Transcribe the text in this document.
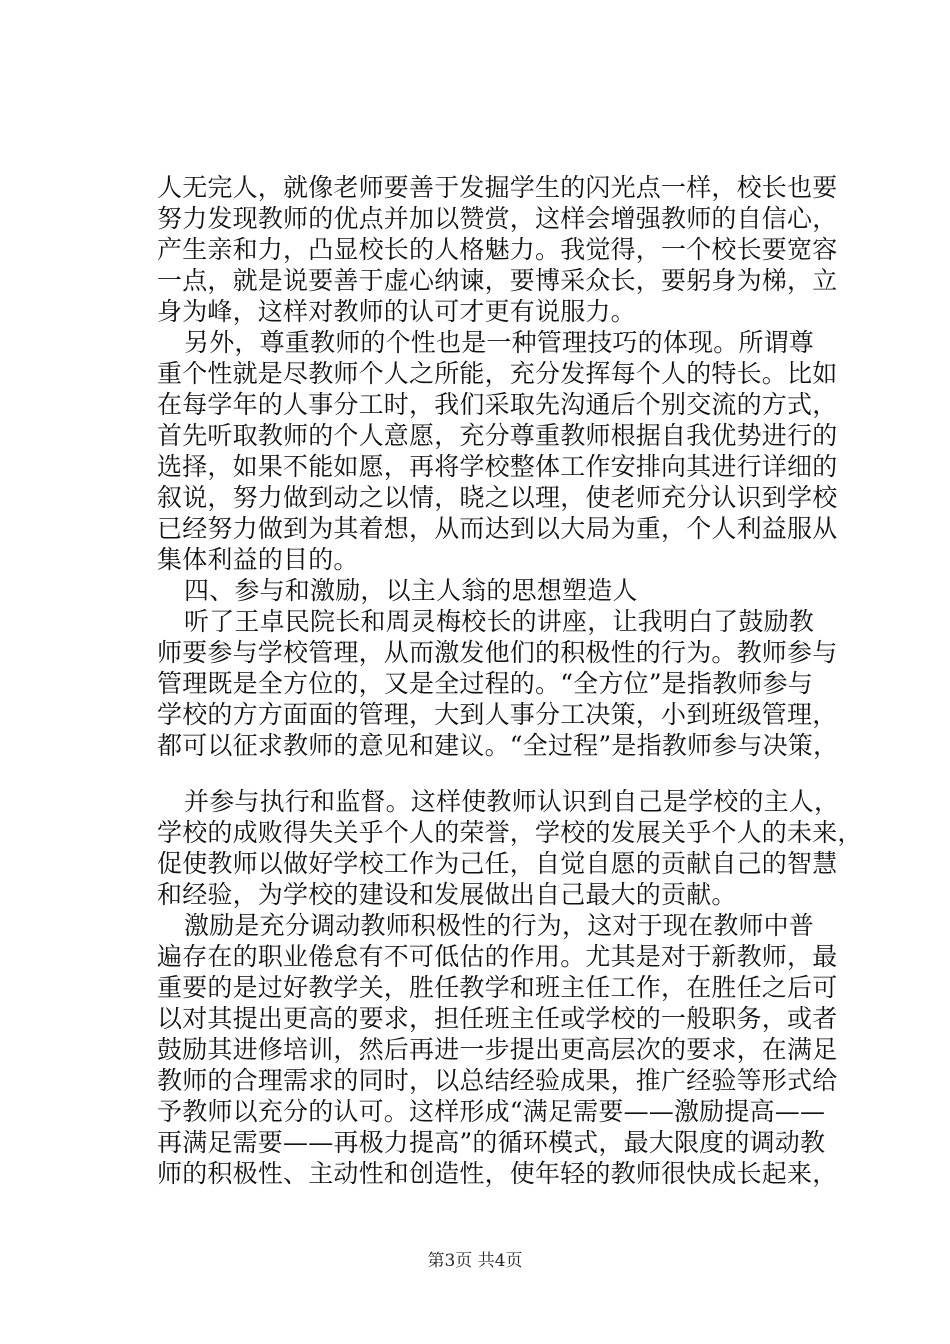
人无完人，就像老师要善于发掘学生的闪光点一样，校长也要
努力发现教师的优点并加以赞赏，这样会增强教师的自信心，
产生亲和力，凸显校长的人格魅力。我觉得，一个校长要宽容
一点，就是说要善于虚心纳谏，要博采众长，要躬身为梯，立
身为峰，这样对教师的认可才更有说服力。
另外，尊重教师的个性也是一种管理技巧的体现。所谓尊
重个性就是尽教师个人之所能，充分发挥每个人的特长。比如
在每学年的人事分工时，我们采取先沟通后个别交流的方式，
首先听取教师的个人意愿，充分尊重教师根据自我优势进行的
选择，如果不能如愿，再将学校整体工作安排向其进行详细的
叙说，努力做到动之以情，晓之以理，使老师充分认识到学校
已经努力做到为其着想，从而达到以大局为重，个人利益服从
集体利益的目的。
四、参与和激励，以主人翁的思想塑造人
听了王卓民院长和周灵梅校长的讲座，让我明白了鼓励教
师要参与学校管理，从而激发他们的积极性的行为。教师参与
管理既是全方位的，又是全过程的。“全方位”是指教师参与
学校的方方面面的管理，大到人事分工决策，小到班级管理，
都可以征求教师的意见和建议。“全过程”是指教师参与决策，
并参与执行和监督。这样使教师认识到自己是学校的主人，
学校的成败得失关乎个人的荣誉，学校的发展关乎个人的未来，
促使教师以做好学校工作为己任，自觉自愿的贡献自己的智慧
和经验，为学校的建设和发展做出自己最大的贡献。
激励是充分调动教师积极性的行为，这对于现在教师中普
遍存在的职业倦怠有不可低估的作用。尤其是对于新教师，最
重要的是过好教学关，胜任教学和班主任工作，在胜任之后可
以对其提出更高的要求，担任班主任或学校的一般职务，或者
鼓励其进修培训，然后再进一步提出更高层次的要求，在满足
教师的合理需求的同时，以总结经验成果，推广经验等形式给
予教师以充分的认可。这样形成“满足需要——激励提高——
再满足需要——再极力提高”的循环模式，最大限度的调动教
师的积极性、主动性和创造性，使年轻的教师很快成长起来，
第3页 共4页
